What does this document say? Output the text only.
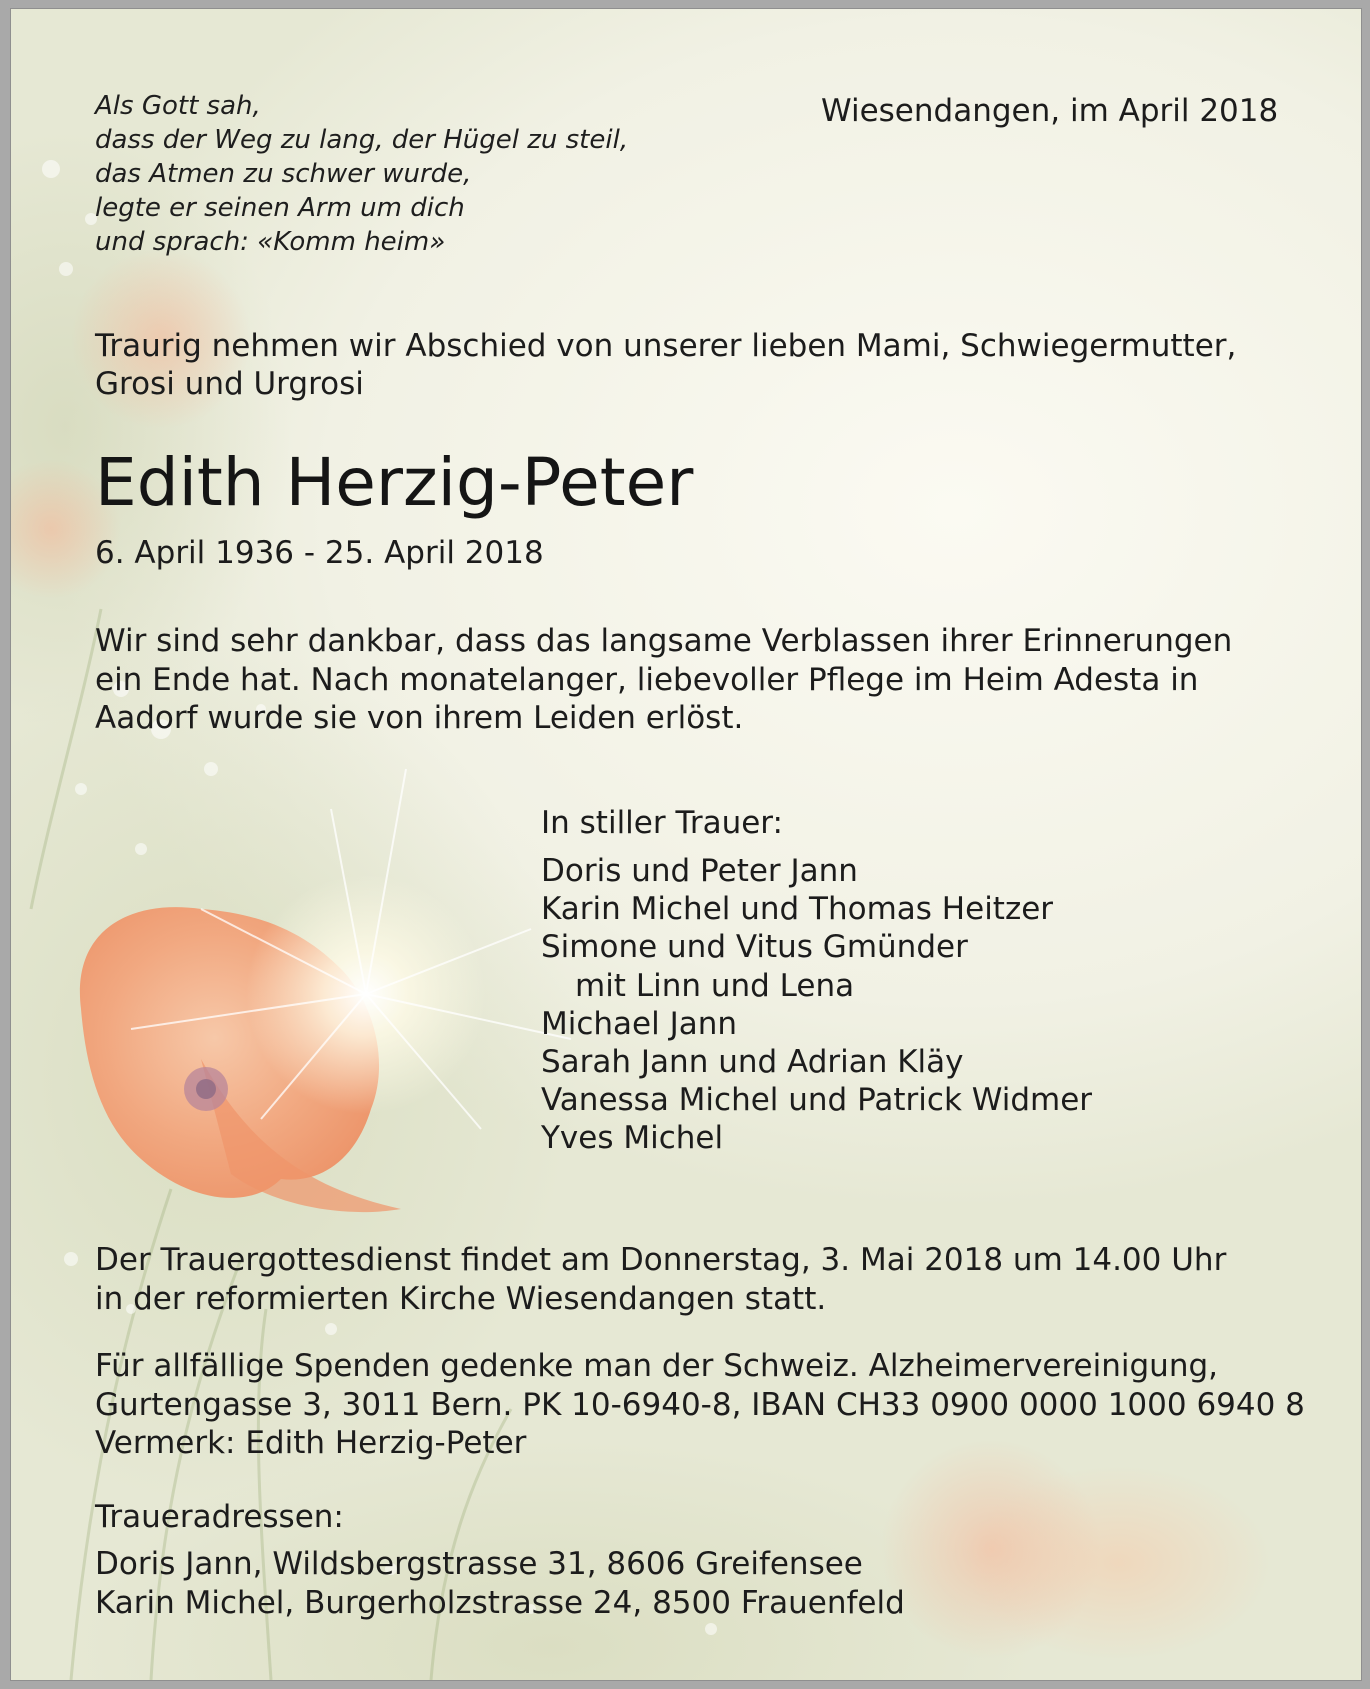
Als Gott sah,
dass der Weg zu lang, der Hügel zu steil,
das Atmen zu schwer wurde,
legte er seinen Arm um dich
und sprach: «Komm heim»
Wiesendangen, im April 2018
Traurig nehmen wir Abschied von unserer lieben Mami, Schwiegermutter,
Grosi und Urgrosi
Edith Herzig-Peter
6. April 1936 - 25. April 2018
Wir sind sehr dankbar, dass das langsame Verblassen ihrer Erinnerungen
ein Ende hat. Nach monatelanger, liebevoller Pflege im Heim Adesta in
Aadorf wurde sie von ihrem Leiden erlöst.
In stiller Trauer:
Doris und Peter Jann
Karin Michel und Thomas Heitzer
Simone und Vitus Gmünder
mit Linn und Lena
Michael Jann
Sarah Jann und Adrian Kläy
Vanessa Michel und Patrick Widmer
Yves Michel
Der Trauergottesdienst findet am Donnerstag, 3. Mai 2018 um 14.00 Uhr
in der reformierten Kirche Wiesendangen statt.
Für allfällige Spenden gedenke man der Schweiz. Alzheimervereinigung,
Gurtengasse 3, 3011 Bern. PK 10-6940-8, IBAN CH33 0900 0000 1000 6940 8
Vermerk: Edith Herzig-Peter
Traueradressen:
Doris Jann, Wildsbergstrasse 31, 8606 Greifensee
Karin Michel, Burgerholzstrasse 24, 8500 Frauenfeld
